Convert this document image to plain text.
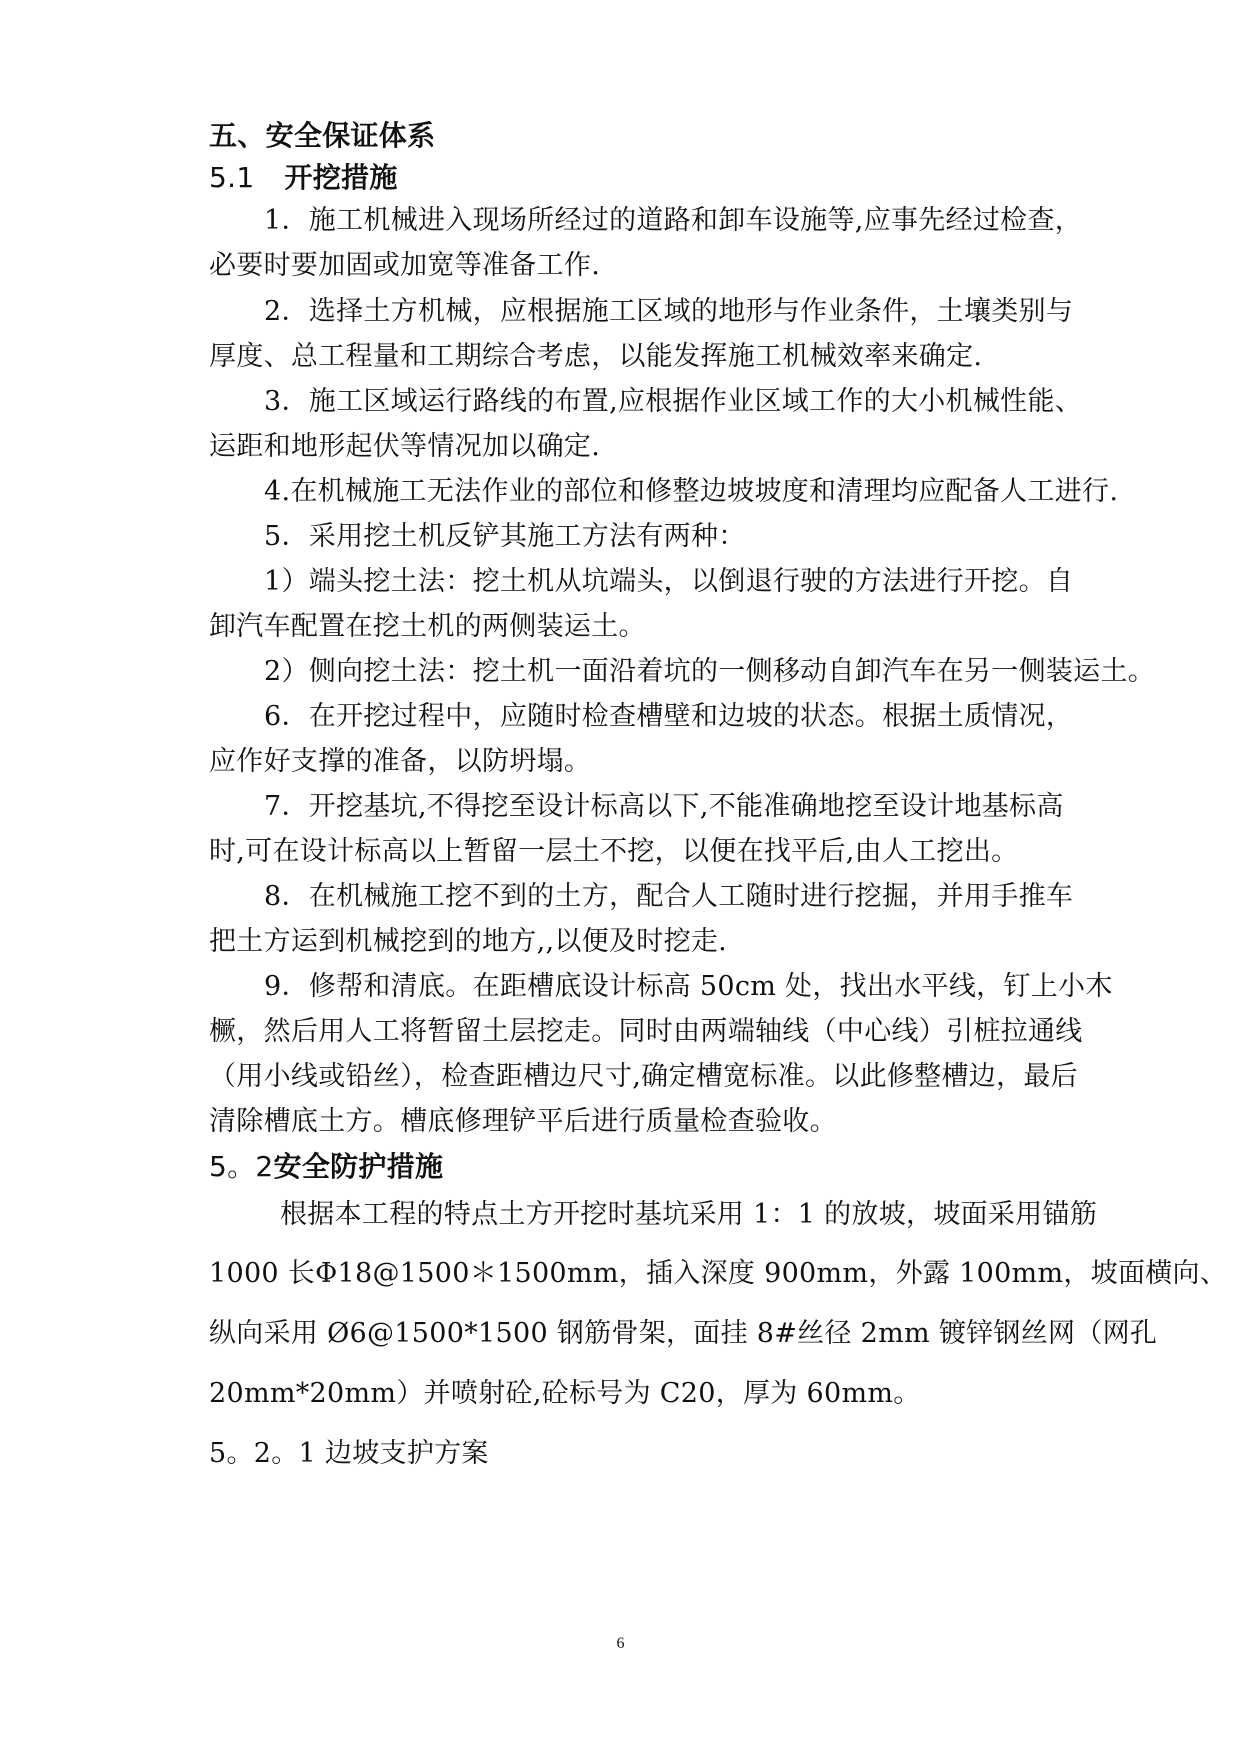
五、安全保证体系

5.1 开挖措施

1．施工机械进入现场所经过的道路和卸车设施等,应事先经过检查，

必要时要加固或加宽等准备工作.

2．选择土方机械，应根据施工区域的地形与作业条件，土壤类别与

厚度、总工程量和工期综合考虑，以能发挥施工机械效率来确定.

3．施工区域运行路线的布置,应根据作业区域工作的大小机械性能、

运距和地形起伏等情况加以确定.

4.在机械施工无法作业的部位和修整边坡坡度和清理均应配备人工进行.

5．采用挖土机反铲其施工方法有两种：

1）端头挖土法：挖土机从坑端头，以倒退行驶的方法进行开挖。自

卸汽车配置在挖土机的两侧装运土。

2）侧向挖土法：挖土机一面沿着坑的一侧移动自卸汽车在另一侧装运土。

6．在开挖过程中，应随时检查槽壁和边坡的状态。根据土质情况，

应作好支撑的准备，以防坍塌。

7．开挖基坑,不得挖至设计标高以下,不能准确地挖至设计地基标高

时,可在设计标高以上暂留一层土不挖，以便在找平后,由人工挖出。

8．在机械施工挖不到的土方，配合人工随时进行挖掘，并用手推车

把土方运到机械挖到的地方,,以便及时挖走.

9．修帮和清底。在距槽底设计标高 50cm 处，找出水平线，钉上小木

橛，然后用人工将暂留土层挖走。同时由两端轴线（中心线）引桩拉通线

（用小线或铅丝），检查距槽边尺寸,确定槽宽标准。以此修整槽边，最后

清除槽底土方。槽底修理铲平后进行质量检查验收。

5。2安全防护措施

根据本工程的特点土方开挖时基坑采用 1：1 的放坡，坡面采用锚筋

1000 长Φ18@1500＊1500mm，插入深度 900mm，外露 100mm，坡面横向、

纵向采用 Ø6@1500*1500 钢筋骨架，面挂 8#丝径 2mm 镀锌钢丝网（网孔

20mm*20mm）并喷射砼,砼标号为 C20，厚为 60mm。

5。2。1 边坡支护方案

6
